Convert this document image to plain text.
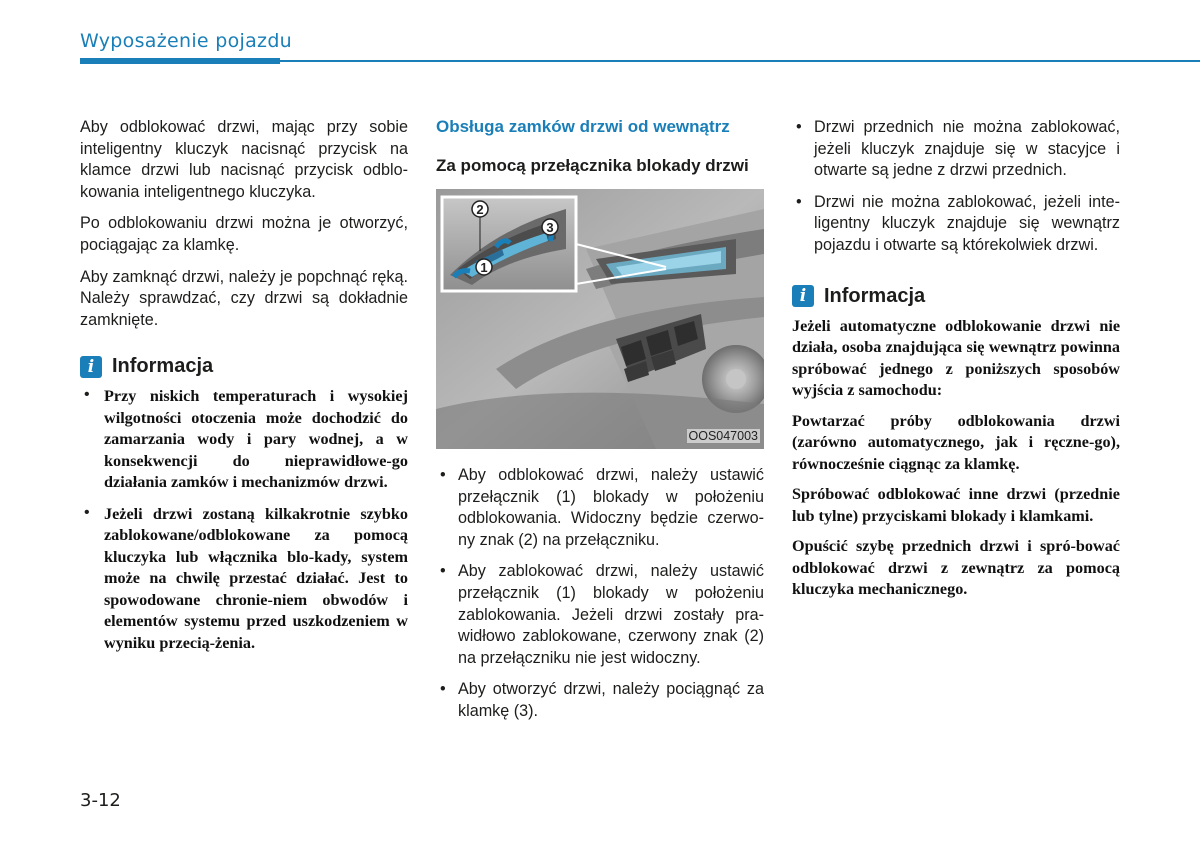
Wyposażenie pojazdu

Aby odblokować drzwi, mając przy sobie inteligentny kluczyk nacisnąć przycisk na klamce drzwi lub nacisnąć przycisk odblo-kowania inteligentnego kluczyka.

Po odblokowaniu drzwi można je otworzyć, pociągając za klamkę.

Aby zamknąć drzwi, należy je popchnąć ręką. Należy sprawdzać, czy drzwi są dokładnie zamknięte.

i Informacja
• Przy niskich temperaturach i wysokiej wilgotności otoczenia może dochodzić do zamarzania wody i pary wodnej, a w konsekwencji do nieprawidłowe-go działania zamków i mechanizmów drzwi.
• Jeżeli drzwi zostaną kilkakrotnie szybko zablokowane/odblokowane za pomocą kluczyka lub włącznika blo-kady, system może na chwilę przestać działać. Jest to spowodowane chronie-niem obwodów i elementów systemu przed uszkodzeniem w wyniku przecią-żenia.
Obsługa zamków drzwi od wewnątrz
Za pomocą przełącznika blokady drzwi
2
1
3
OOS047003
• Aby odblokować drzwi, należy ustawić przełącznik (1) blokady w położeniu odblokowania. Widoczny będzie czerwo-ny znak (2) na przełączniku.
• Aby zablokować drzwi, należy ustawić przełącznik (1) blokady w położeniu zablokowania. Jeżeli drzwi zostały pra-widłowo zablokowane, czerwony znak (2) na przełączniku nie jest widoczny.
• Aby otworzyć drzwi, należy pociągnąć za klamkę (3).
• Drzwi przednich nie można zablokować, jeżeli kluczyk znajduje się w stacyjce i otwarte są jedne z drzwi przednich.
• Drzwi nie można zablokować, jeżeli inte-ligentny kluczyk znajduje się wewnątrz pojazdu i otwarte są którekolwiek drzwi.
i Informacja

Jeżeli automatyczne odblokowanie drzwi nie działa, osoba znajdująca się wewnątrz powinna spróbować jednego z poniższych sposobów wyjścia z samochodu:

Powtarzać próby odblokowania drzwi (zarówno automatycznego, jak i ręczne-go), równocześnie ciągnąc za klamkę.

Spróbować odblokować inne drzwi (przednie lub tylne) przyciskami blokady i klamkami.

Opuścić szybę przednich drzwi i spró-bować odblokować drzwi z zewnątrz za pomocą kluczyka mechanicznego.

3-12
